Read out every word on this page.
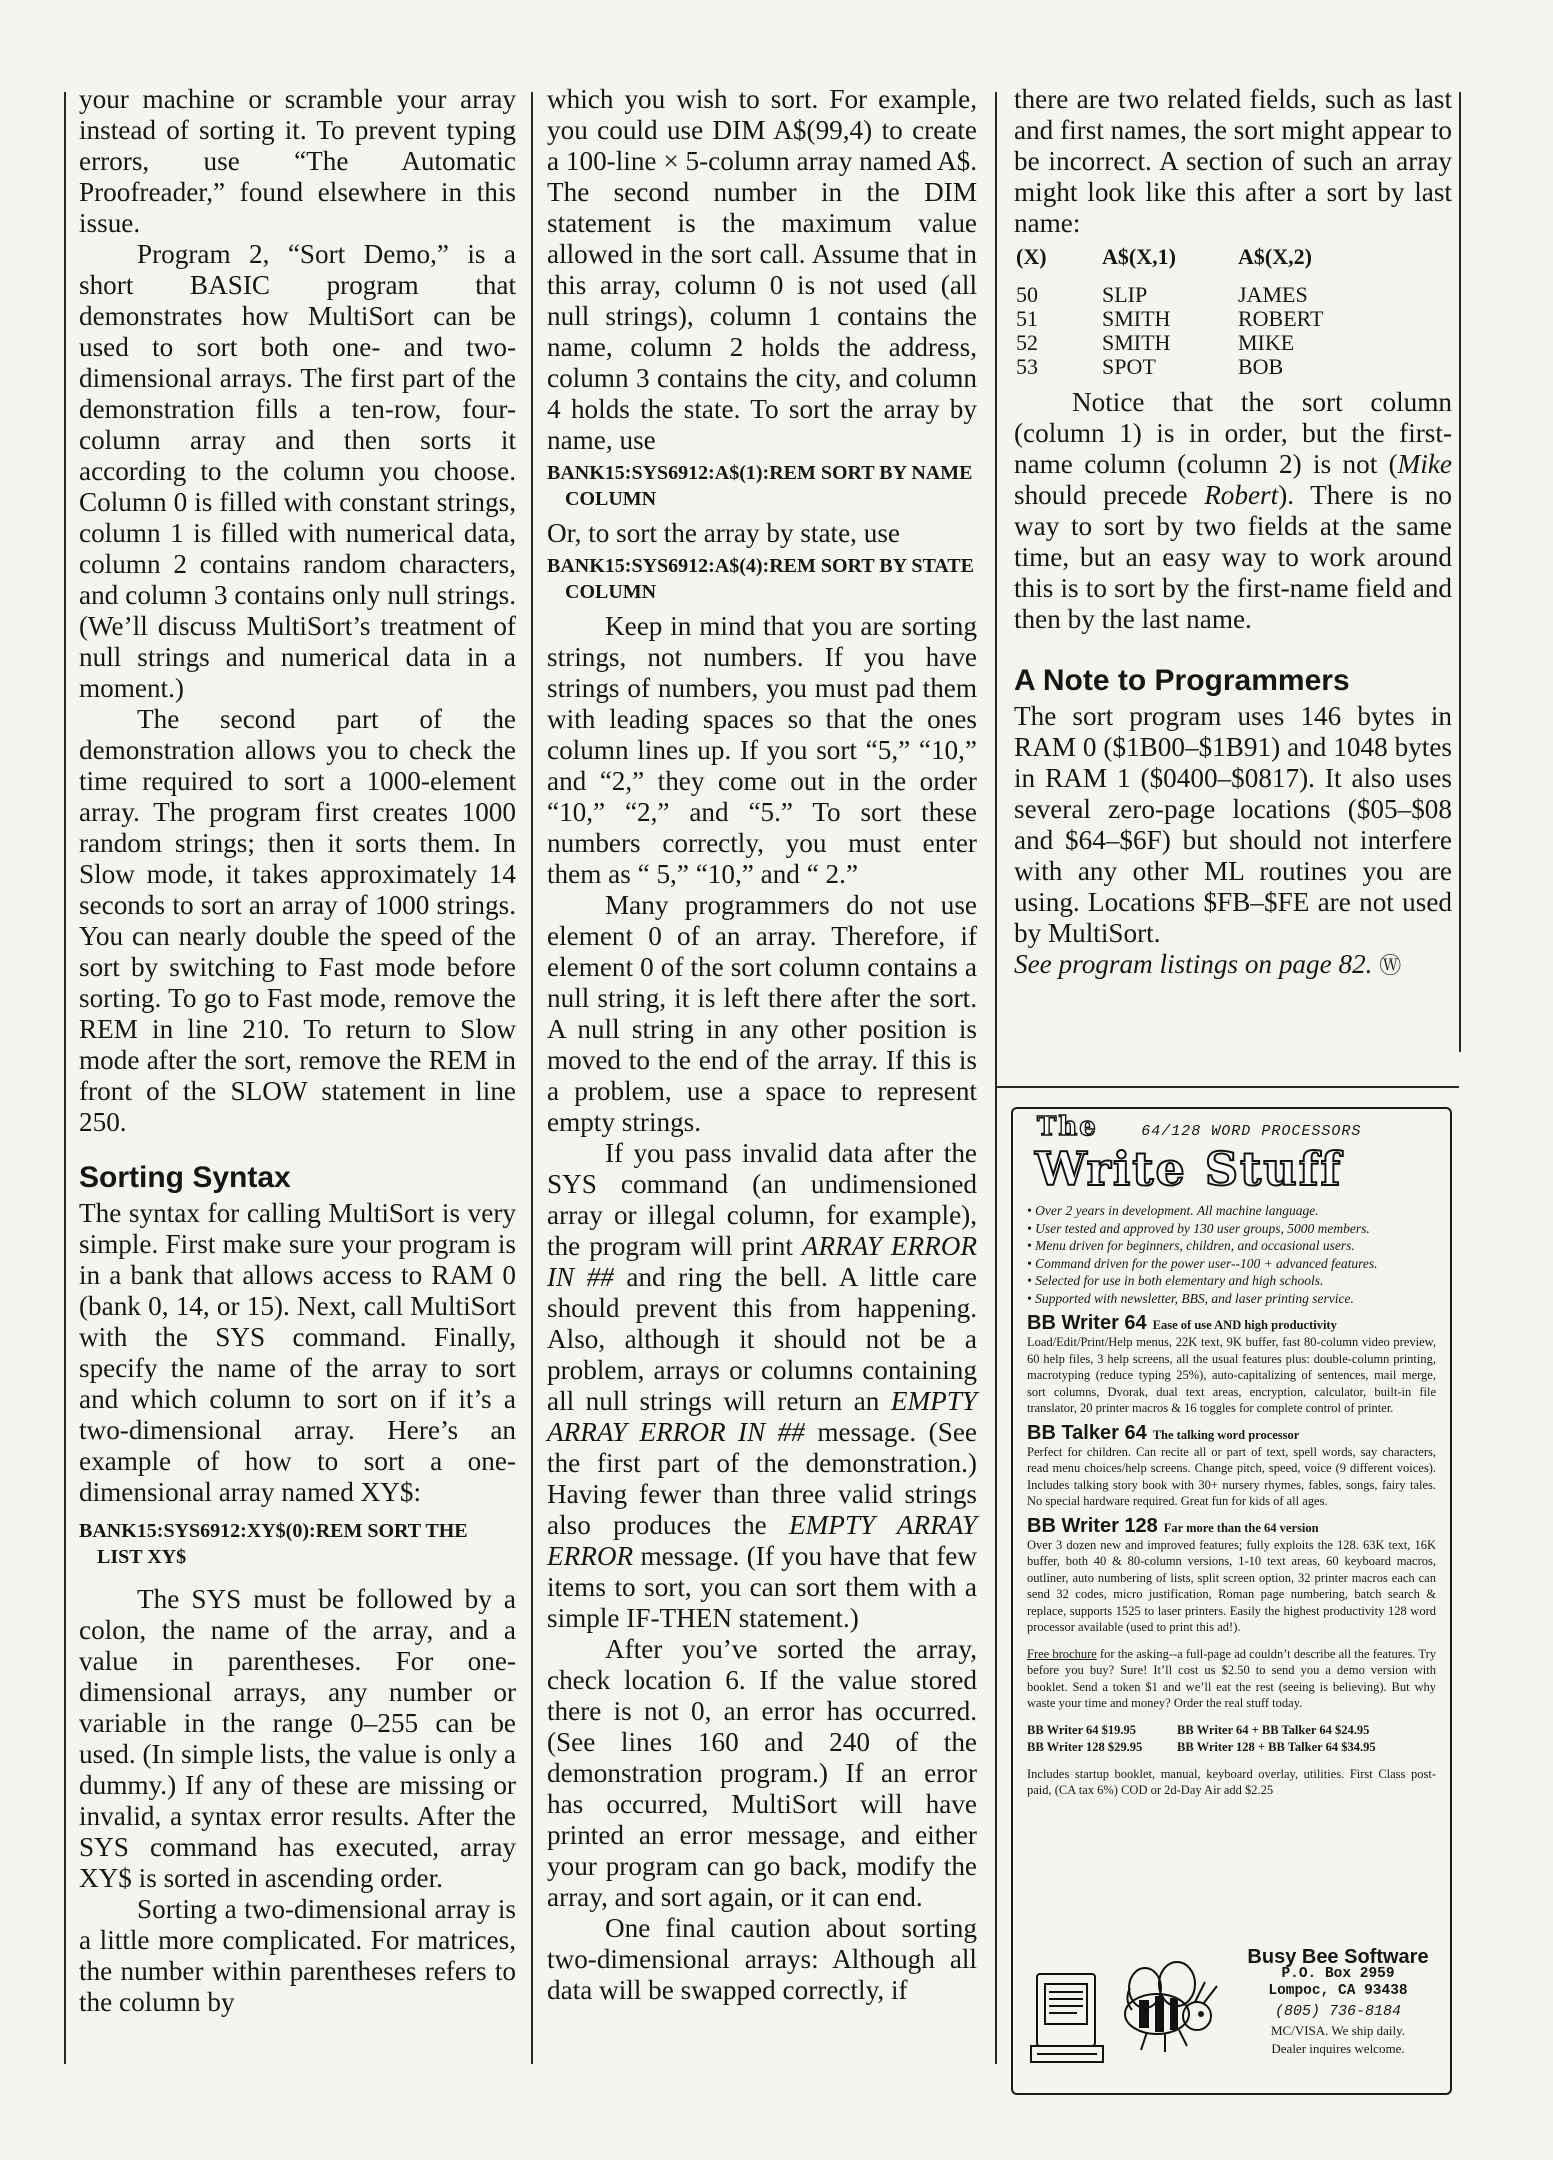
your machine or scramble your array instead of sorting it. To prevent typing errors, use “The Automatic Proofreader,” found elsewhere in this issue.

Program 2, “Sort Demo,” is a short BASIC program that demonstrates how MultiSort can be used to sort both one- and two-dimensional arrays. The first part of the demonstration fills a ten-row, four-column array and then sorts it according to the column you choose. Column 0 is filled with constant strings, column 1 is filled with numerical data, column 2 contains random characters, and column 3 contains only null strings. (We’ll discuss MultiSort’s treatment of null strings and numerical data in a moment.)

The second part of the demonstration allows you to check the time required to sort a 1000-element array. The program first creates 1000 random strings; then it sorts them. In Slow mode, it takes approximately 14 seconds to sort an array of 1000 strings. You can nearly double the speed of the sort by switching to Fast mode before sorting. To go to Fast mode, remove the REM in line 210. To return to Slow mode after the sort, remove the REM in front of the SLOW statement in line 250.

Sorting Syntax

The syntax for calling MultiSort is very simple. First make sure your program is in a bank that allows access to RAM 0 (bank 0, 14, or 15). Next, call MultiSort with the SYS command. Finally, specify the name of the array to sort and which column to sort on if it’s a two-dimensional array. Here’s an example of how to sort a one-dimensional array named XY$:

BANK15:SYS6912:XY$(0):REM SORT THE LIST XY$

The SYS must be followed by a colon, the name of the array, and a value in parentheses. For one-dimensional arrays, any number or variable in the range 0–255 can be used. (In simple lists, the value is only a dummy.) If any of these are missing or invalid, a syntax error results. After the SYS command has executed, array XY$ is sorted in ascending order.

Sorting a two-dimensional array is a little more complicated. For matrices, the number within parentheses refers to the column by

which you wish to sort. For example, you could use DIM A$(99,4) to create a 100-line × 5-column array named A$. The second number in the DIM statement is the maximum value allowed in the sort call. Assume that in this array, column 0 is not used (all null strings), column 1 contains the name, column 2 holds the address, column 3 contains the city, and column 4 holds the state. To sort the array by name, use

BANK15:SYS6912:A$(1):REM SORT BY NAME COLUMN

Or, to sort the array by state, use

BANK15:SYS6912:A$(4):REM SORT BY STATE COLUMN

Keep in mind that you are sorting strings, not numbers. If you have strings of numbers, you must pad them with leading spaces so that the ones column lines up. If you sort “5,” “10,” and “2,” they come out in the order “10,” “2,” and “5.” To sort these numbers correctly, you must enter them as “ 5,” “10,” and “ 2.”

Many programmers do not use element 0 of an array. Therefore, if element 0 of the sort column contains a null string, it is left there after the sort. A null string in any other position is moved to the end of the array. If this is a problem, use a space to represent empty strings.

If you pass invalid data after the SYS command (an undimensioned array or illegal column, for example), the program will print ARRAY ERROR IN ## and ring the bell. A little care should prevent this from happening. Also, although it should not be a problem, arrays or columns containing all null strings will return an EMPTY ARRAY ERROR IN ## message. (See the first part of the demonstration.) Having fewer than three valid strings also produces the EMPTY ARRAY ERROR message. (If you have that few items to sort, you can sort them with a simple IF-THEN statement.)

After you’ve sorted the array, check location 6. If the value stored there is not 0, an error has occurred. (See lines 160 and 240 of the demonstration program.) If an error has occurred, MultiSort will have printed an error message, and either your program can go back, modify the array, and sort again, or it can end.

One final caution about sorting two-dimensional arrays: Although all data will be swapped correctly, if

there are two related fields, such as last and first names, the sort might appear to be incorrect. A section of such an array might look like this after a sort by last name:

(X)	A$(X,1)	A$(X,2)
50	SLIP	JAMES
51	SMITH	ROBERT
52	SMITH	MIKE
53	SPOT	BOB

Notice that the sort column (column 1) is in order, but the first-name column (column 2) is not (Mike should precede Robert). There is no way to sort by two fields at the same time, but an easy way to work around this is to sort by the first-name field and then by the last name.

A Note to Programmers

The sort program uses 146 bytes in RAM 0 ($1B00–$1B91) and 1048 bytes in RAM 1 ($0400–$0817). It also uses several zero-page locations ($05–$08 and $64–$6F) but should not interfere with any other ML routines you are using. Locations $FB–$FE are not used by MultiSort.

See program listings on page 82. Ⓦ

The	64/128 WORD PROCESSORS
Write Stuff
• Over 2 years in development. All machine language.
• User tested and approved by 130 user groups, 5000 members.
• Menu driven for beginners, children, and occasional users.
• Command driven for the power user--100 + advanced features.
• Selected for use in both elementary and high schools.
• Supported with newsletter, BBS, and laser printing service.
BB Writer 64 Ease of use AND high productivity

Load/Edit/Print/Help menus, 22K text, 9K buffer, fast 80-column video preview, 60 help files, 3 help screens, all the usual features plus: double-column printing, macrotyping (reduce typing 25%), auto-capitalizing of sentences, mail merge, sort columns, Dvorak, dual text areas, encryption, calculator, built-in file translator, 20 printer macros & 16 toggles for complete control of printer.

BB Talker 64 The talking word processor

Perfect for children. Can recite all or part of text, spell words, say characters, read menu choices/help screens. Change pitch, speed, voice (9 different voices). Includes talking story book with 30+ nursery rhymes, fables, songs, fairy tales. No special hardware required. Great fun for kids of all ages.

BB Writer 128 Far more than the 64 version

Over 3 dozen new and improved features; fully exploits the 128. 63K text, 16K buffer, both 40 & 80-column versions, 1-10 text areas, 60 keyboard macros, outliner, auto numbering of lists, split screen option, 32 printer macros each can send 32 codes, micro justification, Roman page numbering, batch search & replace, supports 1525 to laser printers. Easily the highest productivity 128 word processor available (used to print this ad!).

Free brochure for the asking--a full-page ad couldn’t describe all the features. Try before you buy? Sure! It’ll cost us $2.50 to send you a demo version with booklet. Send a token $1 and we’ll eat the rest (seeing is believing). But why waste your time and money? Order the real stuff today.

BB Writer 64 $19.95	BB Writer 64 + BB Talker 64 $24.95
BB Writer 128 $29.95	BB Writer 128 + BB Talker 64 $34.95

Includes startup booklet, manual, keyboard overlay, utilities. First Class post-paid, (CA tax 6%) COD or 2d-Day Air add $2.25

Busy Bee Software
P.O. Box 2959
Lompoc, CA 93438
(805) 736-8184
MC/VISA. We ship daily.
Dealer inquires welcome.
